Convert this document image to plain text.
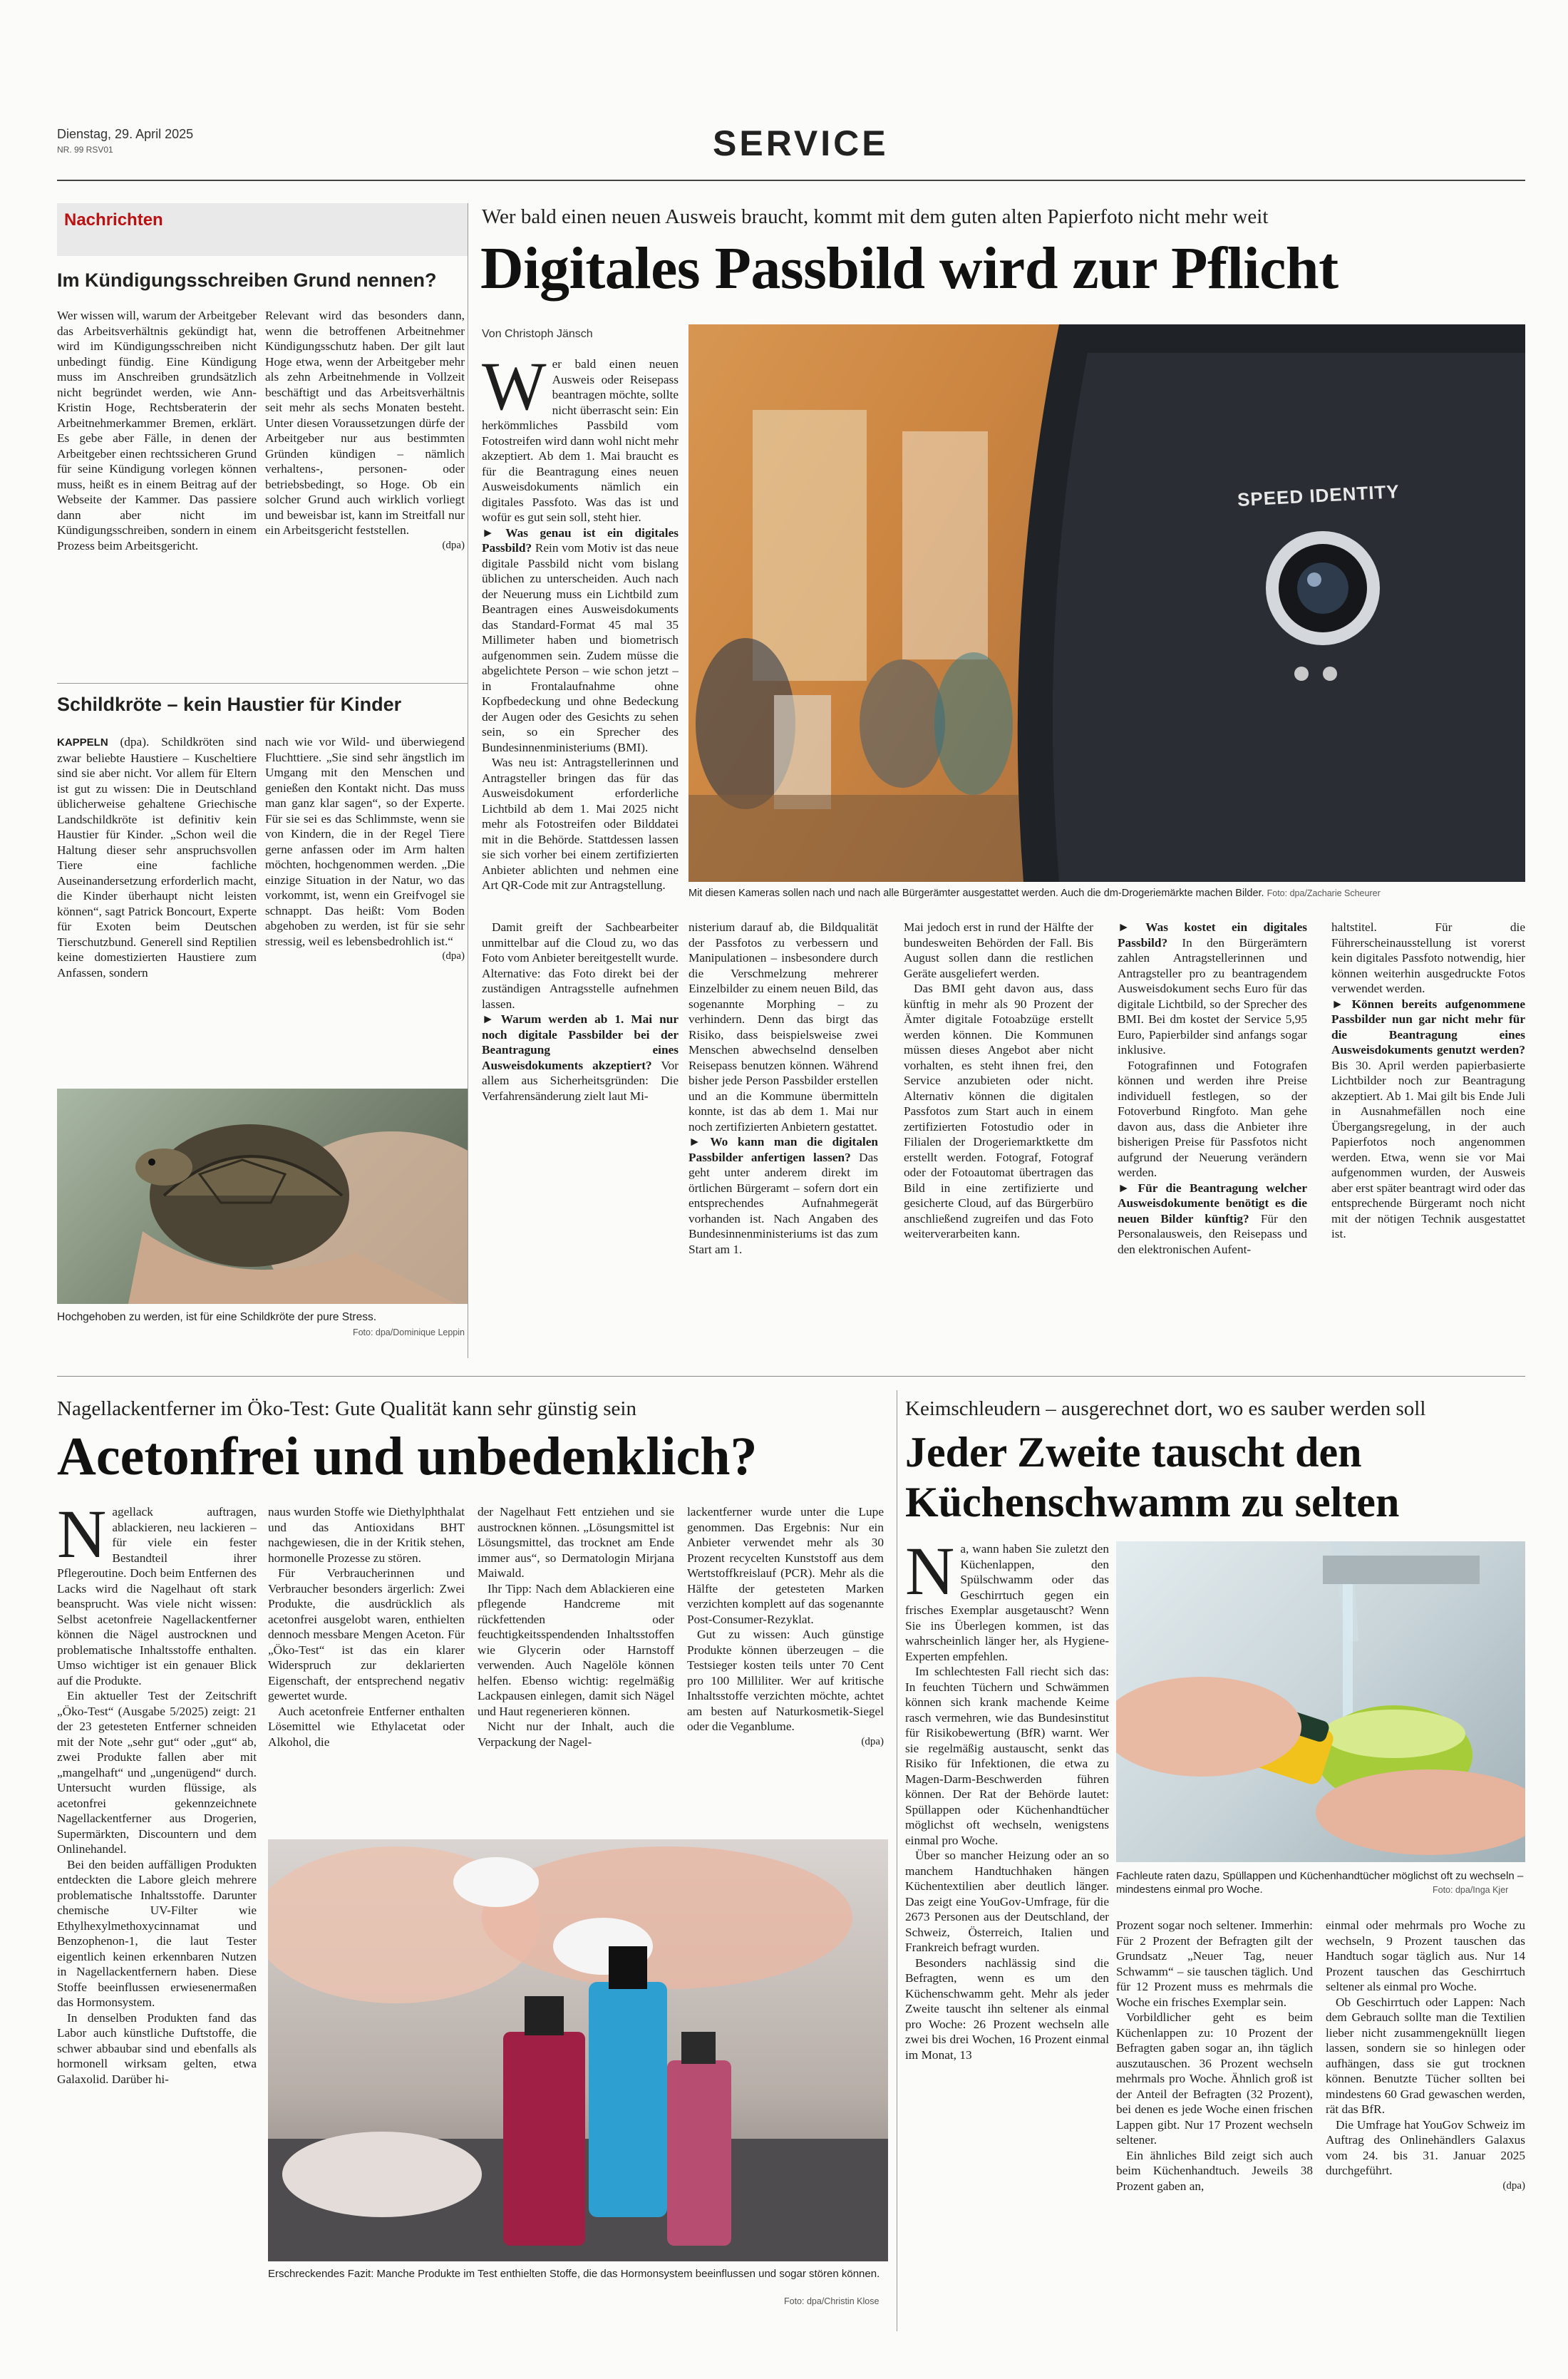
Dienstag, 29. April 2025
NR. 99 RSV01	SERVICE
Nachrichten
Im Kündigungsschreiben Grund nennen?

Wer wissen will, warum der Arbeitgeber das Arbeitsverhältnis gekündigt hat, wird im Kündigungsschreiben nicht unbedingt fündig. Eine Kündigung muss im Anschreiben grundsätzlich nicht begründet werden, wie Ann-Kristin Hoge, Rechtsberaterin der Arbeitnehmerkammer Bremen, erklärt. Es gebe aber Fälle, in denen der Arbeitgeber einen rechtssicheren Grund für seine Kündigung vorlegen können muss, heißt es in einem Beitrag auf der Webseite der Kammer. Das passiere dann aber nicht im Kündigungsschreiben, sondern in einem Prozess beim Arbeitsgericht.

Relevant wird das besonders dann, wenn die betroffenen Arbeitnehmer Kündigungsschutz haben. Der gilt laut Hoge etwa, wenn der Arbeitgeber mehr als zehn Arbeitnehmende in Vollzeit beschäftigt und das Arbeitsverhältnis seit mehr als sechs Monaten besteht. Unter diesen Voraussetzungen dürfe der Arbeitgeber nur aus bestimmten Gründen kündigen – nämlich verhaltens-, personen- oder betriebsbedingt, so Hoge. Ob ein solcher Grund auch wirklich vorliegt und beweisbar ist, kann im Streitfall nur ein Arbeitsgericht feststellen.

(dpa)
Schildkröte – kein Haustier für Kinder

KAPPELN (dpa). Schildkröten sind zwar beliebte Haustiere – Kuscheltiere sind sie aber nicht. Vor allem für Eltern ist gut zu wissen: Die in Deutschland üblicherweise gehaltene Griechische Landschildkröte ist definitiv kein Haustier für Kinder. „Schon weil die Haltung dieser sehr anspruchsvollen Tiere eine fachliche Auseinandersetzung erforderlich macht, die Kinder überhaupt nicht leisten können“, sagt Patrick Boncourt, Experte für Exoten beim Deutschen Tierschutzbund. Generell sind Reptilien keine domestizierten Haustiere zum Anfassen, sondern

nach wie vor Wild- und überwiegend Fluchttiere. „Sie sind sehr ängstlich im Umgang mit den Menschen und genießen den Kontakt nicht. Das muss man ganz klar sagen“, so der Experte. Für sie sei es das Schlimmste, wenn sie von Kindern, die in der Regel Tiere gerne anfassen oder im Arm halten möchten, hochgenommen werden. „Die einzige Situation in der Natur, wo das vorkommt, ist, wenn ein Greifvogel sie schnappt. Das heißt: Vom Boden abgehoben zu werden, ist für sie sehr stressig, weil es lebensbedrohlich ist.“

(dpa)
Hochgehoben zu werden, ist für eine Schildkröte der pure Stress.
Foto: dpa/Dominique Leppin
Wer bald einen neuen Ausweis braucht, kommt mit dem guten alten Papierfoto nicht mehr weit
Digitales Passbild wird zur Pflicht
Von Christoph Jänsch
W er bald einen neuen Ausweis oder Reisepass beantragen möchte, sollte nicht überrascht sein: Ein herkömmliches Passbild vom Fotostreifen wird dann wohl nicht mehr akzeptiert. Ab dem 1. Mai braucht es für die Beantragung eines neuen Ausweisdokuments nämlich ein digitales Passfoto. Was das ist und wofür es gut sein soll, steht hier.

► Was genau ist ein digitales Passbild? Rein vom Motiv ist das neue digitale Passbild nicht vom bislang üblichen zu unterscheiden. Auch nach der Neuerung muss ein Lichtbild zum Beantragen eines Ausweisdokuments das Standard-Format 45 mal 35 Millimeter haben und biometrisch aufgenommen sein. Zudem müsse die abgelichtete Person – wie schon jetzt – in Frontalaufnahme ohne Kopfbedeckung und ohne Bedeckung der Augen oder des Gesichts zu sehen sein, so ein Sprecher des Bundesinnenministeriums (BMI).

Was neu ist: Antragstellerinnen und Antragsteller bringen das für das Ausweisdokument erforderliche Lichtbild ab dem 1. Mai 2025 nicht mehr als Fotostreifen oder Bilddatei mit in die Behörde. Stattdessen lassen sie sich vorher bei einem zertifizierten Anbieter ablichten und nehmen eine Art QR-Code mit zur Antragstellung.

SPEED IDENTITY
Mit diesen Kameras sollen nach und nach alle Bürgerämter ausgestattet werden. Auch die dm-Drogeriemärkte machen Bilder. Foto: dpa/Zacharie Scheurer

nisterium darauf ab, die Bildqualität der Passfotos zu verbessern und Manipulationen – insbesondere durch die Verschmelzung mehrerer Einzelbilder zu einem neuen Bild, das sogenannte Morphing – zu verhindern. Denn das birgt das Risiko, dass beispielsweise zwei Menschen abwechselnd denselben Reisepass benutzen können. Während bisher jede Person Passbilder erstellen und an die Kommune übermitteln konnte, ist das ab dem 1. Mai nur noch zertifizierten Anbietern gestattet.

► Wo kann man die digitalen Passbilder anfertigen lassen? Das geht unter anderem direkt im örtlichen Bürgeramt – sofern dort ein entsprechendes Aufnahmegerät vorhanden ist. Nach Angaben des Bundesinnenministeriums ist das zum Start am 1.

Mai jedoch erst in rund der Hälfte der bundesweiten Behörden der Fall. Bis August sollen dann die restlichen Geräte ausgeliefert werden.

Das BMI geht davon aus, dass künftig in mehr als 90 Prozent der Ämter digitale Fotoabzüge erstellt werden können. Die Kommunen müssen dieses Angebot aber nicht vorhalten, es steht ihnen frei, den Service anzubieten oder nicht. Alternativ können die digitalen Passfotos zum Start auch in einem zertifizierten Fotostudio oder in Filialen der Drogeriemarktkette dm erstellt werden. Fotograf, Fotograf oder der Fotoautomat übertragen das Bild in eine zertifizierte und gesicherte Cloud, auf das Bürgerbüro anschließend zugreifen und das Foto weiterverarbeiten kann.

► Was kostet ein digitales Passbild? In den Bürgerämtern zahlen Antragstellerinnen und Antragsteller pro zu beantragendem Ausweisdokument sechs Euro für das digitale Lichtbild, so der Sprecher des BMI. Bei dm kostet der Service 5,95 Euro, Papierbilder sind anfangs sogar inklusive.

Fotografinnen und Fotografen können und werden ihre Preise individuell festlegen, so der Fotoverbund Ringfoto. Man gehe davon aus, dass die Anbieter ihre bisherigen Preise für Passfotos nicht aufgrund der Neuerung verändern werden.

► Für die Beantragung welcher Ausweisdokumente benötigt es die neuen Bilder künftig? Für den Personalausweis, den Reisepass und den elektronischen Aufent-

haltstitel. Für die Führerscheinausstellung ist vorerst kein digitales Passfoto notwendig, hier können weiterhin ausgedruckte Fotos verwendet werden.

► Können bereits aufgenommene Passbilder nun gar nicht mehr für die Beantragung eines Ausweisdokuments genutzt werden? Bis 30. April werden papierbasierte Lichtbilder noch zur Beantragung akzeptiert. Ab 1. Mai gilt bis Ende Juli in Ausnahmefällen noch eine Übergangsregelung, in der auch Papierfotos noch angenommen werden. Etwa, wenn sie vor Mai aufgenommen wurden, der Ausweis aber erst später beantragt wird oder das entsprechende Bürgeramt noch nicht mit der nötigen Technik ausgestattet ist.

Damit greift der Sachbearbeiter unmittelbar auf die Cloud zu, wo das Foto vom Anbieter bereitgestellt wurde. Alternative: das Foto direkt bei der zuständigen Antragsstelle aufnehmen lassen.

► Warum werden ab 1. Mai nur noch digitale Passbilder bei der Beantragung eines Ausweisdokuments akzeptiert? Vor allem aus Sicherheitsgründen: Die Verfahrensänderung zielt laut Mi-

Nagellackentferner im Öko-Test: Gute Qualität kann sehr günstig sein
Acetonfrei und unbedenklich?
N agellack auftragen, ablackieren, neu lackieren – für viele ein fester Bestandteil ihrer Pflegeroutine. Doch beim Entfernen des Lacks wird die Nagelhaut oft stark beansprucht. Was viele nicht wissen: Selbst acetonfreie Nagellackentferner können die Nägel austrocknen und problematische Inhaltsstoffe enthalten. Umso wichtiger ist ein genauer Blick auf die Produkte.

Ein aktueller Test der Zeitschrift „Öko-Test“ (Ausgabe 5/2025) zeigt: 21 der 23 getesteten Entferner schneiden mit der Note „sehr gut“ oder „gut“ ab, zwei Produkte fallen aber mit „mangelhaft“ und „ungenügend“ durch. Untersucht wurden flüssige, als acetonfrei gekennzeichnete Nagellackentferner aus Drogerien, Supermärkten, Discountern und dem Onlinehandel.

Bei den beiden auffälligen Produkten entdeckten die Labore gleich mehrere problematische Inhaltsstoffe. Darunter chemische UV-Filter wie Ethylhexylmethoxycinnamat und Benzophenon-1, die laut Tester eigentlich keinen erkennbaren Nutzen in Nagellackentfernern haben. Diese Stoffe beeinflussen erwiesenermaßen das Hormonsystem.

In denselben Produkten fand das Labor auch künstliche Duftstoffe, die schwer abbaubar sind und ebenfalls als hormonell wirksam gelten, etwa Galaxolid. Darüber hi-

naus wurden Stoffe wie Diethylphthalat und das Antioxidans BHT nachgewiesen, die in der Kritik stehen, hormonelle Prozesse zu stören.

Für Verbraucherinnen und Verbraucher besonders ärgerlich: Zwei Produkte, die ausdrücklich als acetonfrei ausgelobt waren, enthielten dennoch messbare Mengen Aceton. Für „Öko-Test“ ist das ein klarer Widerspruch zur deklarierten Eigenschaft, der entsprechend negativ gewertet wurde.

Auch acetonfreie Entferner enthalten Lösemittel wie Ethylacetat oder Alkohol, die

der Nagelhaut Fett entziehen und sie austrocknen können. „Lösungsmittel ist Lösungsmittel, das trocknet am Ende immer aus“, so Dermatologin Mirjana Maiwald.

Ihr Tipp: Nach dem Ablackieren eine pflegende Handcreme mit rückfettenden oder feuchtigkeitsspendenden Inhaltsstoffen wie Glycerin oder Harnstoff verwenden. Auch Nagelöle können helfen. Ebenso wichtig: regelmäßig Lackpausen einlegen, damit sich Nägel und Haut regenerieren können.

Nicht nur der Inhalt, auch die Verpackung der Nagel-

lackentferner wurde unter die Lupe genommen. Das Ergebnis: Nur ein Anbieter verwendet mehr als 30 Prozent recycelten Kunststoff aus dem Wertstoffkreislauf (PCR). Mehr als die Hälfte der getesteten Marken verzichten komplett auf das sogenannte Post-Consumer-Rezyklat.

Gut zu wissen: Auch günstige Produkte können überzeugen – die Testsieger kosten teils unter 70 Cent pro 100 Milliliter. Wer auf kritische Inhaltsstoffe verzichten möchte, achtet am besten auf Naturkosmetik-Siegel oder die Veganblume.

(dpa)
Erschreckendes Fazit: Manche Produkte im Test enthielten Stoffe, die das Hormonsystem beeinflussen und sogar stören können.
Foto: dpa/Christin Klose
Keimschleudern – ausgerechnet dort, wo es sauber werden soll
Jeder Zweite tauscht den
Küchenschwamm zu selten
N a, wann haben Sie zuletzt den Küchenlappen, den Spülschwamm oder das Geschirrtuch gegen ein frisches Exemplar ausgetauscht? Wenn Sie ins Überlegen kommen, ist das wahrscheinlich länger her, als Hygiene-Experten empfehlen.

Im schlechtesten Fall riecht sich das: In feuchten Tüchern und Schwämmen können sich krank machende Keime rasch vermehren, wie das Bundesinstitut für Risikobewertung (BfR) warnt. Wer sie regelmäßig austauscht, senkt das Risiko für Infektionen, die etwa zu Magen-Darm-Beschwerden führen können. Der Rat der Behörde lautet: Spüllappen oder Küchenhandtücher möglichst oft wechseln, wenigstens einmal pro Woche.

Über so mancher Heizung oder an so manchem Handtuchhaken hängen Küchentextilien aber deutlich länger. Das zeigt eine YouGov-Umfrage, für die 2673 Personen aus der Deutschland, der Schweiz, Österreich, Italien und Frankreich befragt wurden.

Besonders nachlässig sind die Befragten, wenn es um den Küchenschwamm geht. Mehr als jeder Zweite tauscht ihn seltener als einmal pro Woche: 26 Prozent wechseln alle zwei bis drei Wochen, 16 Prozent einmal im Monat, 13

Fachleute raten dazu, Spüllappen und Küchenhandtücher möglichst oft zu wechseln – mindestens einmal pro Woche.	Foto: dpa/Inga Kjer

Prozent sogar noch seltener. Immerhin: Für 2 Prozent der Befragten gilt der Grundsatz „Neuer Tag, neuer Schwamm“ – sie tauschen täglich. Und für 12 Prozent muss es mehrmals die Woche ein frisches Exemplar sein.

Vorbildlicher geht es beim Küchenlappen zu: 10 Prozent der Befragten gaben sogar an, ihn täglich auszutauschen. 36 Prozent wechseln mehrmals pro Woche. Ähnlich groß ist der Anteil der Befragten (32 Prozent), bei denen es jede Woche einen frischen Lappen gibt. Nur 17 Prozent wechseln seltener.

Ein ähnliches Bild zeigt sich auch beim Küchenhandtuch. Jeweils 38 Prozent gaben an,

einmal oder mehrmals pro Woche zu wechseln, 9 Prozent tauschen das Handtuch sogar täglich aus. Nur 14 Prozent tauschen das Geschirrtuch seltener als einmal pro Woche.

Ob Geschirrtuch oder Lappen: Nach dem Gebrauch sollte man die Textilien lieber nicht zusammengeknüllt liegen lassen, sondern sie so hinlegen oder aufhängen, dass sie gut trocknen können. Benutzte Tücher sollten bei mindestens 60 Grad gewaschen werden, rät das BfR.

Die Umfrage hat YouGov Schweiz im Auftrag des Onlinehändlers Galaxus vom 24. bis 31. Januar 2025 durchgeführt.

(dpa)
